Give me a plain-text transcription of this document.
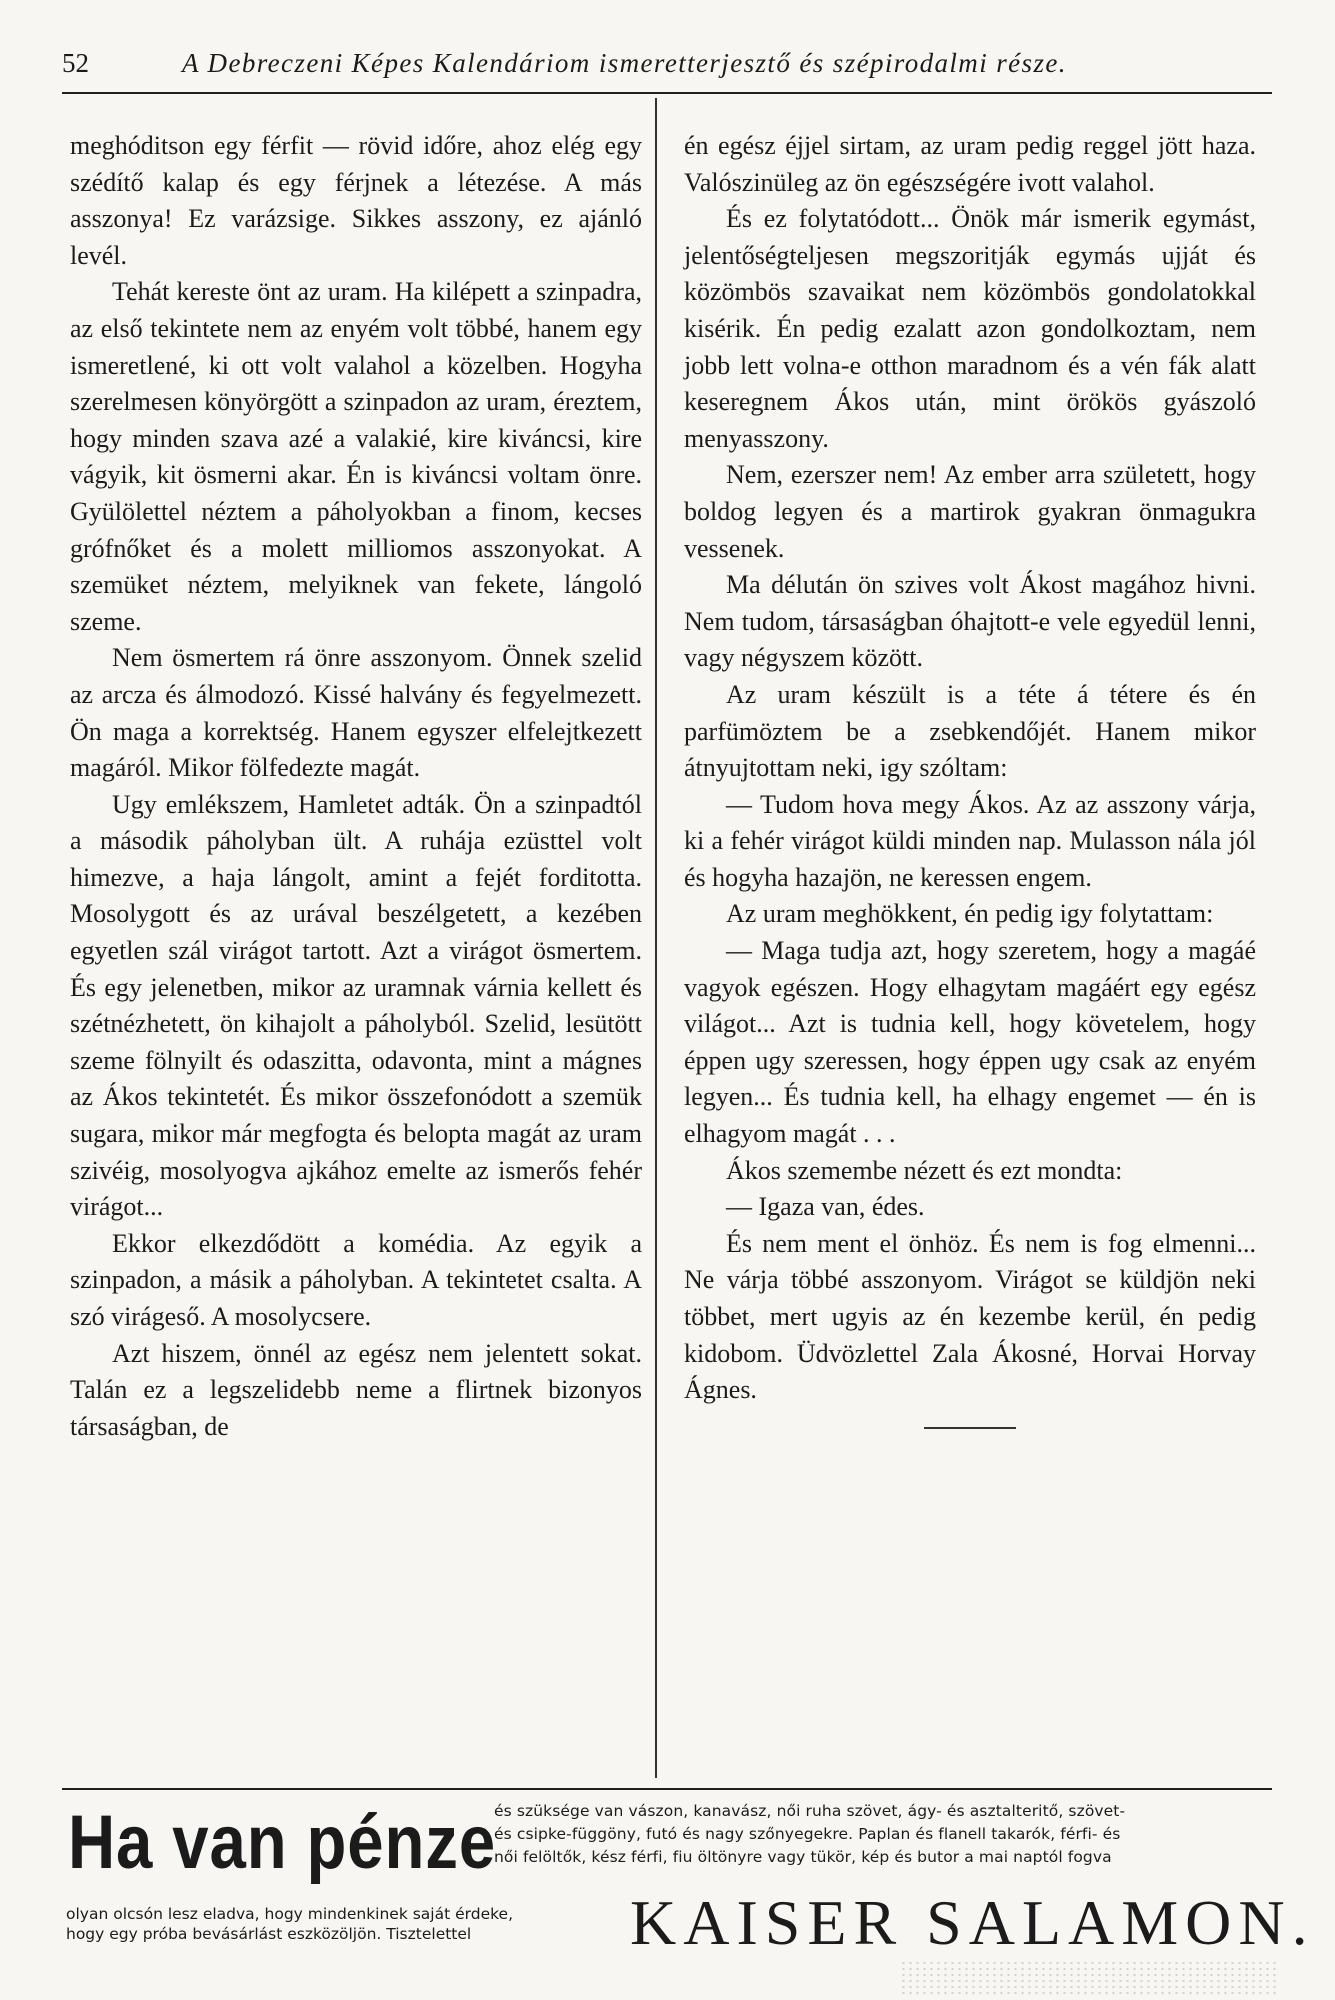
52	A Debreczeni Képes Kalendáriom ismeretterjesztő és szépirodalmi része.

meghóditson egy férfit — rövid időre, ahoz elég egy szédítő kalap és egy férjnek a létezése. A más asszonya! Ez varázsige. Sikkes asszony, ez ajánló levél.

Tehát kereste önt az uram. Ha kilépett a szinpadra, az első tekintete nem az enyém volt többé, hanem egy ismeretlené, ki ott volt valahol a közelben. Hogyha szerelmesen könyörgött a szinpadon az uram, éreztem, hogy minden szava azé a valakié, kire kiváncsi, kire vágyik, kit ösmerni akar. Én is kiváncsi voltam önre. Gyülölettel néztem a páholyokban a finom, kecses grófnőket és a molett milliomos asszonyokat. A szemüket néztem, melyiknek van fekete, lángoló szeme.

Nem ösmertem rá önre asszonyom. Önnek szelid az arcza és álmodozó. Kissé halvány és fegyelmezett. Ön maga a korrektség. Hanem egyszer elfelejtkezett magáról. Mikor fölfedezte magát.

Ugy emlékszem, Hamletet adták. Ön a szinpadtól a második páholyban ült. A ruhája ezüsttel volt himezve, a haja lángolt, amint a fejét forditotta. Mosolygott és az urával beszélgetett, a kezében egyetlen szál virágot tartott. Azt a virágot ösmertem. És egy jelenetben, mikor az uramnak várnia kellett és szétnézhetett, ön kihajolt a páholyból. Szelid, lesütött szeme fölnyilt és odaszitta, odavonta, mint a mágnes az Ákos tekintetét. És mikor összefonódott a szemük sugara, mikor már megfogta és belopta magát az uram szivéig, mosolyogva ajkához emelte az ismerős fehér virágot...

Ekkor elkezdődött a komédia. Az egyik a szinpadon, a másik a páholyban. A tekintetet csalta. A szó virágeső. A mosolycsere.

Azt hiszem, önnél az egész nem jelentett sokat. Talán ez a legszelidebb neme a flirtnek bizonyos társaságban, de

én egész éjjel sirtam, az uram pedig reggel jött haza. Valószinüleg az ön egészségére ivott valahol.

És ez folytatódott... Önök már ismerik egymást, jelentőségteljesen megszoritják egymás ujját és közömbös szavaikat nem közömbös gondolatokkal kisérik. Én pedig ezalatt azon gondolkoztam, nem jobb lett volna-e otthon maradnom és a vén fák alatt keseregnem Ákos után, mint örökös gyászoló menyasszony.

Nem, ezerszer nem! Az ember arra született, hogy boldog legyen és a martirok gyakran önmagukra vessenek.

Ma délután ön szives volt Ákost magához hivni. Nem tudom, társaságban óhajtott-e vele egyedül lenni, vagy négyszem között.

Az uram készült is a téte á tétere és én parfümöztem be a zsebkendőjét. Hanem mikor átnyujtottam neki, igy szóltam:

— Tudom hova megy Ákos. Az az asszony várja, ki a fehér virágot küldi minden nap. Mulasson nála jól és hogyha hazajön, ne keressen engem.

Az uram meghökkent, én pedig igy folytattam:

— Maga tudja azt, hogy szeretem, hogy a magáé vagyok egészen. Hogy elhagytam magáért egy egész világot... Azt is tudnia kell, hogy követelem, hogy éppen ugy szeressen, hogy éppen ugy csak az enyém legyen... És tudnia kell, ha elhagy engemet — én is elhagyom magát . . .

Ákos szemembe nézett és ezt mondta:

— Igaza van, édes.

És nem ment el önhöz. És nem is fog elmenni... Ne várja többé asszonyom. Virágot se küldjön neki többet, mert ugyis az én kezembe kerül, én pedig kidobom. Üdvözlettel Zala Ákosné, Horvai Horvay Ágnes.

Ha van pénze
és szüksége van vászon, kanavász, női ruha szövet, ágy- és asztalteritő, szövet-
és csipke-függöny, futó és nagy szőnyegekre. Paplan és flanell takarók, férfi- és
női felöltők, kész férfi, fiu öltönyre vagy tükör, kép és butor a mai naptól fogva
olyan olcsón lesz eladva, hogy mindenkinek saját érdeke,
hogy egy próba bevásárlást eszközöljön. Tisztelettel	KAISER SALAMON.
